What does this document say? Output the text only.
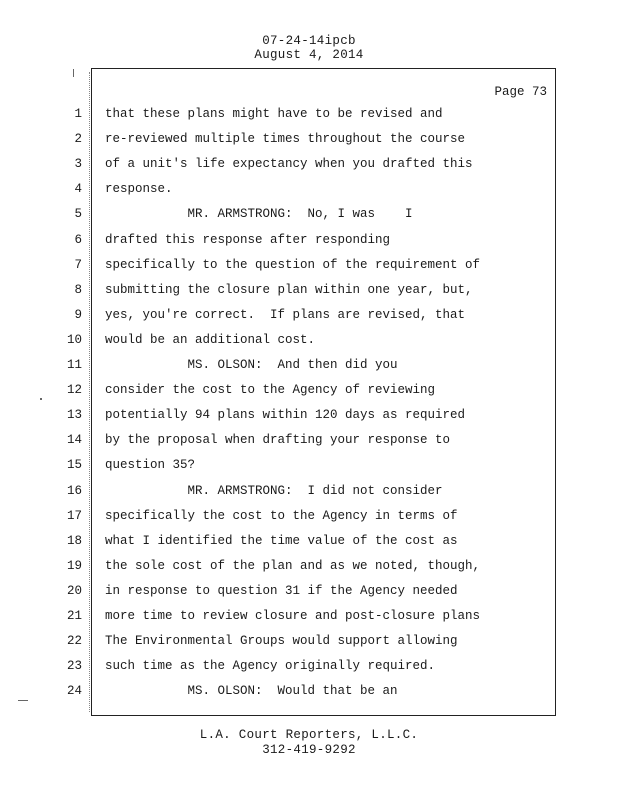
07-24-14ipcb
August 4, 2014
Page 73
1 that these plans might have to be revised and
2 re-reviewed multiple times throughout the course
3 of a unit's life expectancy when you drafted this
4 response.
5 MR. ARMSTRONG:  No, I was    I
6 drafted this response after responding
7 specifically to the question of the requirement of
8 submitting the closure plan within one year, but,
9 yes, you're correct.  If plans are revised, that
10 would be an additional cost.
11 MS. OLSON:  And then did you
12 consider the cost to the Agency of reviewing
13 potentially 94 plans within 120 days as required
14 by the proposal when drafting your response to
15 question 35?
16 MR. ARMSTRONG:  I did not consider
17 specifically the cost to the Agency in terms of
18 what I identified the time value of the cost as
19 the sole cost of the plan and as we noted, though,
20 in response to question 31 if the Agency needed
21 more time to review closure and post-closure plans
22 The Environmental Groups would support allowing
23 such time as the Agency originally required.
24 MS. OLSON:  Would that be an
L.A. Court Reporters, L.L.C.
312-419-9292
